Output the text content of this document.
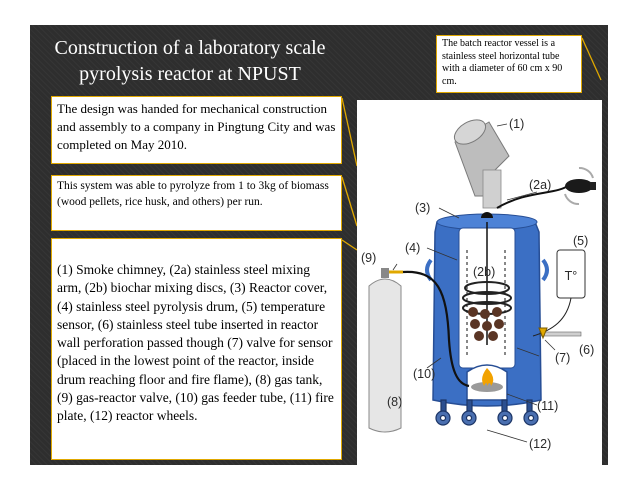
Construction of a laboratory scale pyrolysis reactor at NPUST
The batch reactor vessel is a stainless steel horizontal tube with a diameter of 60 cm x 90 cm.
The design was handed for mechanical construction and assembly to a company in Pingtung City and was completed on May 2010.
This system was able to pyrolyze from 1 to 3kg of biomass (wood pellets, rice husk, and others) per run.
(1) Smoke chimney, (2a) stainless steel mixing arm, (2b) biochar mixing discs, (3) Reactor cover, (4) stainless steel pyrolysis drum, (5) temperature sensor, (6) stainless steel tube inserted in reactor wall perforation passed though (7) valve for sensor (placed in the lowest point of the reactor, inside drum reaching floor and fire flame), (8) gas tank, (9) gas-reactor valve, (10) gas feeder tube, (11) fire plate, (12) reactor wheels.
T°
(1)
(2a)
(2b)
(3)
(4)	(5)
(6)
(7)
(8)
(9)
(10)
(11)
(12)
